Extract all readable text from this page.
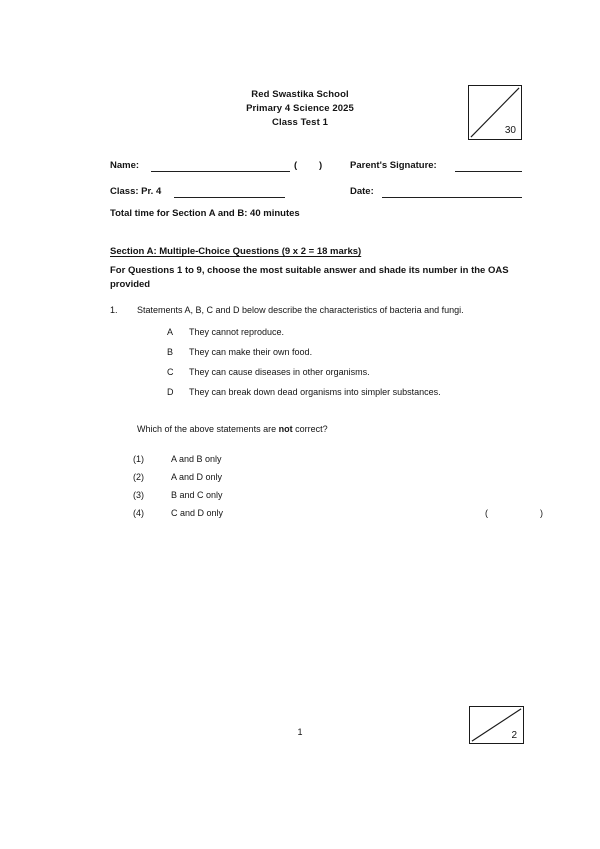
Red Swastika School
Primary 4 Science 2025
Class Test 1
30
Name:	( )	Parent's Signature:
Class: Pr. 4	Date:
Total time for Section A and B: 40 minutes
Section A: Multiple-Choice Questions (9 x 2 = 18 marks)
For Questions 1 to 9, choose the most suitable answer and shade its number in the OAS provided
1. Statements A, B, C and D below describe the characteristics of bacteria and fungi.
A They cannot reproduce.
B They can make their own food.
C They can cause diseases in other organisms.
D They can break down dead organisms into simpler substances.
Which of the above statements are not correct?
(1)	A and B only
(2)	A and D only
(3)	B and C only
(4)	C and D only	(	)
1	2
